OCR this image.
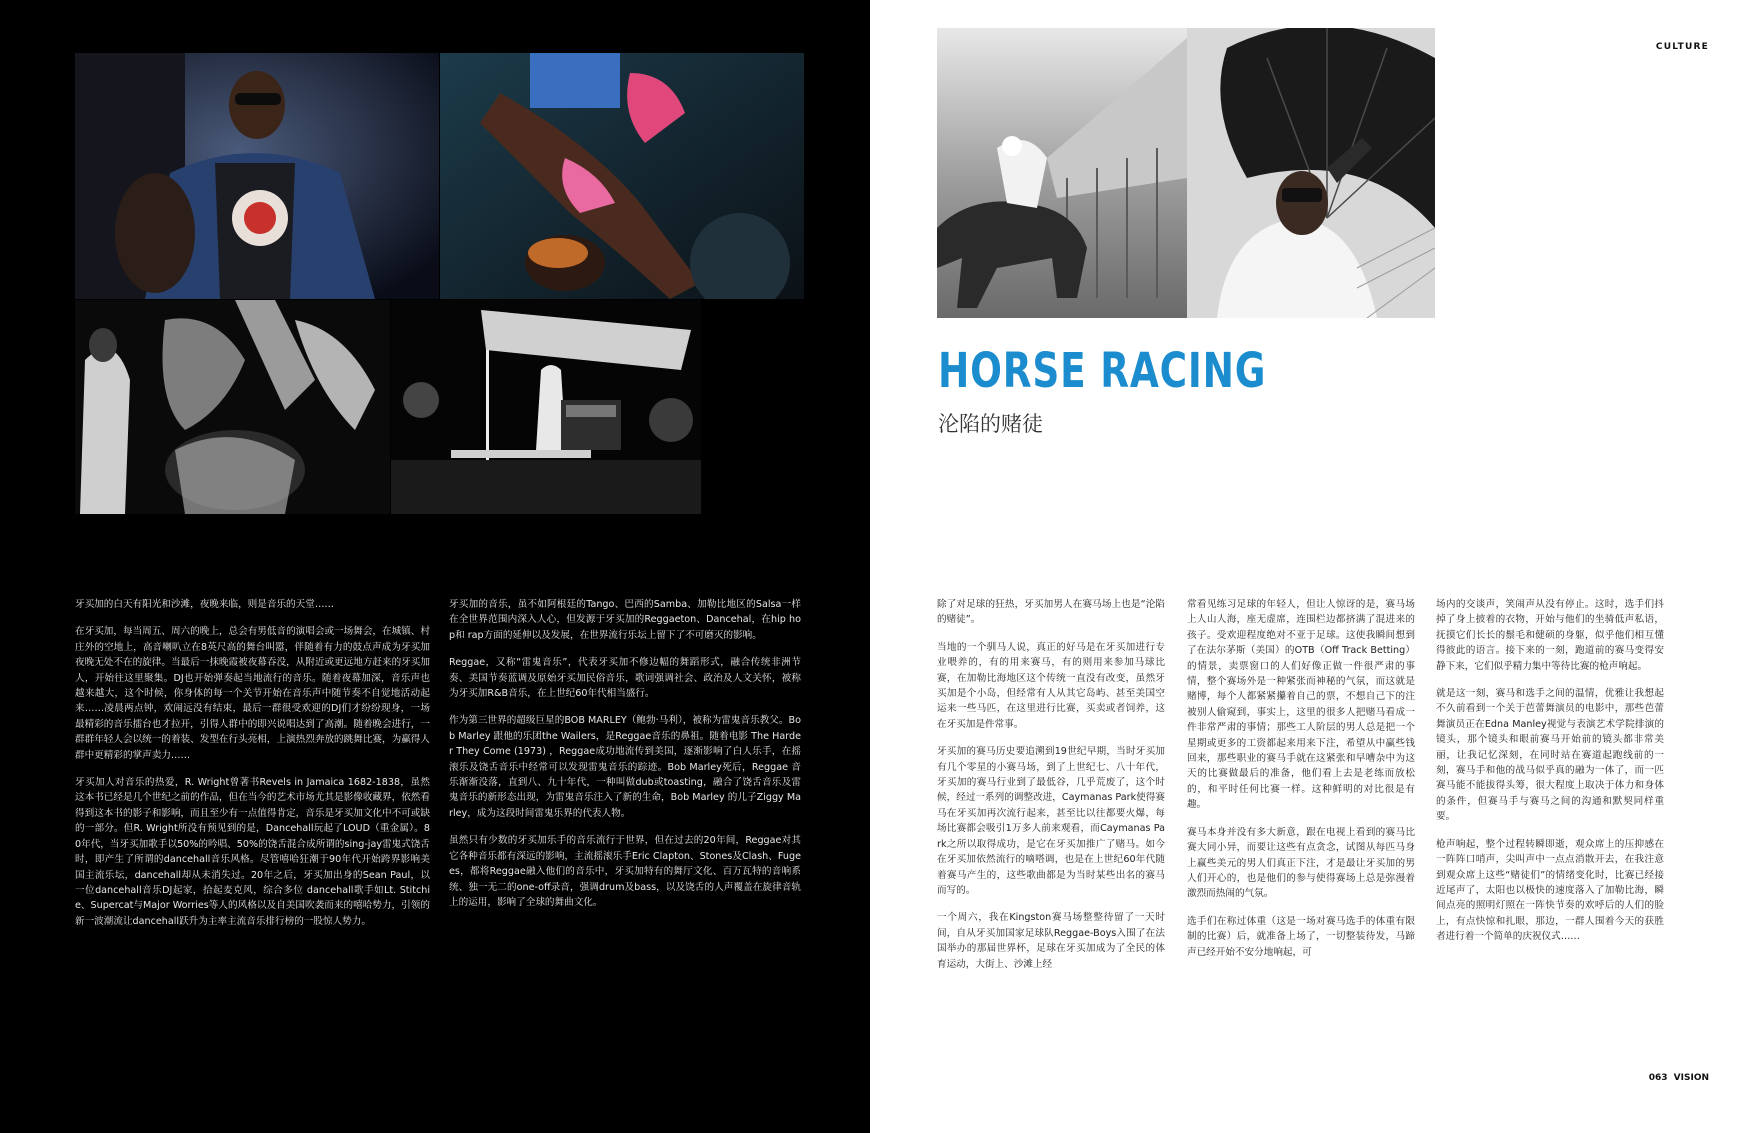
牙买加的白天有阳光和沙滩，夜晚来临，则是音乐的天堂……

在牙买加，每当周五、周六的晚上，总会有男低音的演唱会或一场舞会，在城镇、村庄外的空地上，高音喇叭立在8英尺高的舞台叫嚣，伴随着有力的鼓点声成为牙买加夜晚无处不在的旋律。当最后一抹晚霞被夜幕吞没，从附近或更远地方赶来的牙买加人，开始往这里聚集。DJ也开始弹奏起当地流行的音乐。随着夜幕加深，音乐声也越来越大，这个时候，你身体的每一个关节开始在音乐声中随节奏不自觉地活动起来……凌晨两点钟，欢闹远没有结束，最后一群很受欢迎的DJ们才纷纷现身，一场最精彩的音乐擂台也才拉开，引得人群中的即兴说唱达到了高潮。随着晚会进行，一群群年轻人会以统一的着装、发型在行头亮相，上演热烈奔放的跳舞比赛，为赢得人群中更精彩的掌声卖力……

牙买加人对音乐的热爱，R. Wright曾著书Revels in Jamaica 1682-1838，虽然这本书已经是几个世纪之前的作品，但在当今的艺术市场尤其是影像收藏界，依然看得到这本书的影子和影响，而且至少有一点值得肯定，音乐是牙买加文化中不可或缺的一部分。但R. Wright所没有预见到的是，Dancehall玩起了LOUD（重金属）。80年代，当牙买加歌手以50%的吟唱、50%的饶舌混合成所谓的sing-jay雷鬼式饶舌时，即产生了所谓的dancehall音乐风格。尽管嘻哈狂潮于90年代开始跨界影响美国主流乐坛，dancehall却从未消失过。20年之后，牙买加出身的Sean Paul，以一位dancehall音乐DJ起家，拾起麦克风，综合多位 dancehall歌手如Lt. Stitchie、Supercat与Major Worries等人的风格以及自美国吹袭而来的嘻哈势力，引领的新一波潮流让dancehall跃升为主率主流音乐排行榜的一股惊人势力。

牙买加的音乐，虽不如阿根廷的Tango、巴西的Samba、加勒比地区的Salsa一样在全世界范围内深入人心，但发源于牙买加的Reggaeton、Dancehal，在hip hop和 rap方面的延伸以及发展，在世界流行乐坛上留下了不可磨灭的影响。

Reggae，又称“雷鬼音乐”，代表牙买加不修边幅的舞蹈形式，融合传统非洲节奏、美国节奏蓝调及原始牙买加民俗音乐，歌词强调社会、政治及人文关怀，被称为牙买加R&B音乐，在上世纪60年代相当盛行。

作为第三世界的超级巨星的BOB MARLEY（鲍勃·马利），被称为雷鬼音乐教父。Bob Marley 跟他的乐团the Wailers，是Reggae音乐的鼻祖。随着电影 The Harder They Come (1973) ，Reggae成功地流传到美国，逐渐影响了白人乐手，在摇滚乐及饶舌音乐中经常可以发现雷鬼音乐的踪迹。Bob Marley死后，Reggae 音乐渐渐没落，直到八、九十年代，一种叫做dub或toasting，融合了饶舌音乐及雷鬼音乐的新形态出现，为雷鬼音乐注入了新的生命，Bob Marley 的儿子Ziggy Marley，成为这段时间雷鬼乐界的代表人物。

虽然只有少数的牙买加乐手的音乐流行于世界，但在过去的20年间，Reggae对其它各种音乐都有深远的影响，主流摇滚乐手Eric Clapton、Stones及Clash、Fugees，都将Reggae融入他们的音乐中，牙买加特有的舞厅文化、百万瓦特的音响系统、独一无二的one-off录音，强调drum及bass，以及饶舌的人声覆盖在旋律音轨上的运用，影响了全球的舞曲文化。

CULTURE
HORSE RACING
沦陷的赌徒

除了对足球的狂热，牙买加男人在赛马场上也是“沦陷的赌徒”。

当地的一个驯马人说，真正的好马是在牙买加进行专业喂养的，有的用来赛马，有的则用来参加马球比赛，在加勒比海地区这个传统一直没有改变，虽然牙买加是个小岛，但经常有人从其它岛屿、甚至美国空运来一些马匹，在这里进行比赛，买卖或者饲养，这在牙买加是件常事。

牙买加的赛马历史要追溯到19世纪早期，当时牙买加有几个零星的小赛马场，到了上世纪七、八十年代，牙买加的赛马行业到了最低谷，几乎荒废了，这个时候，经过一系列的调整改进，Caymanas Park使得赛马在牙买加再次流行起来，甚至比以往都要火爆，每场比赛都会吸引1万多人前来观看，而Caymanas Park之所以取得成功，是它在牙买加推广了赌马。如今在牙买加依然流行的嘀嗒调，也是在上世纪60年代随着赛马产生的，这些歌曲都是为当时某些出名的赛马而写的。

一个周六，我在Kingston赛马场整整待留了一天时间，自从牙买加国家足球队Reggae-Boys入围了在法国举办的那届世界杯，足球在牙买加成为了全民的体育运动，大街上、沙滩上经

常看见练习足球的年轻人，但让人惊讶的是，赛马场上人山人海，座无虚席，连围栏边都挤满了混进来的孩子。受欢迎程度绝对不亚于足球。这使我瞬间想到了在法尔茅斯（美国）的OTB（Off Track Betting）的情景，卖票窗口的人们好像正做一件很严肃的事情，整个赛场外是一种紧张而神秘的气氛，而这就是赌博，每个人都紧紧攥着自己的票，不想自己下的注被别人偷窥到，事实上，这里的很多人把赌马看成一件非常严肃的事情；那些工人阶层的男人总是把一个星期或更多的工资都起来用来下注，希望从中赢些钱回来，那些职业的赛马手就在这紧张和早嘈杂中为这天的比赛做最后的准备，他们看上去是老练而放松的，和平时任何比赛一样。这种鲜明的对比很是有趣。

赛马本身并没有多大新意，跟在电视上看到的赛马比赛大同小异，而要让这些有点贪念，试图从每匹马身上赢些美元的男人们真正下注，才是最让牙买加的男人们开心的，也是他们的参与使得赛场上总是弥漫着激烈而热闹的气氛。

选手们在称过体重（这是一场对赛马选手的体重有限制的比赛）后，就准备上场了，一切整装待发，马蹄声已经开始不安分地响起，可

场内的交谈声，笑闹声从没有停止。这时，选手们抖掉了身上披着的衣物，开始与他们的坐骑低声私语，抚摸它们长长的鬃毛和健硕的身躯，似乎他们相互懂得彼此的语言。接下来的一刻，跑道前的赛马变得安静下来，它们似乎精力集中等待比赛的枪声响起。

就是这一刻，赛马和选手之间的温情，优雅让我想起不久前看到一个关于芭蕾舞演员的电影中，那些芭蕾舞演员正在Edna Manley视觉与表演艺术学院排演的镜头，那个镜头和眼前赛马开始前的镜头都非常美丽，让我记忆深刻，在同时站在赛道起跑线前的一刻，赛马手和他的战马似乎真的融为一体了，而一匹赛马能不能拔得头筹，很大程度上取决于体力和身体的条件，但赛马手与赛马之间的沟通和默契同样重要。

枪声响起，整个过程转瞬即逝，观众席上的压抑感在一阵阵口哨声，尖叫声中一点点消散开去，在我注意到观众席上这些“赌徒们”的情绪变化时，比赛已经接近尾声了，太阳也以极快的速度落入了加勒比海，瞬间点亮的照明灯照在一阵快节奏的欢呼后的人们的脸上，有点快惊和扎眼，那边，一群人围着今天的获胜者进行着一个简单的庆祝仪式……

063 VISION
